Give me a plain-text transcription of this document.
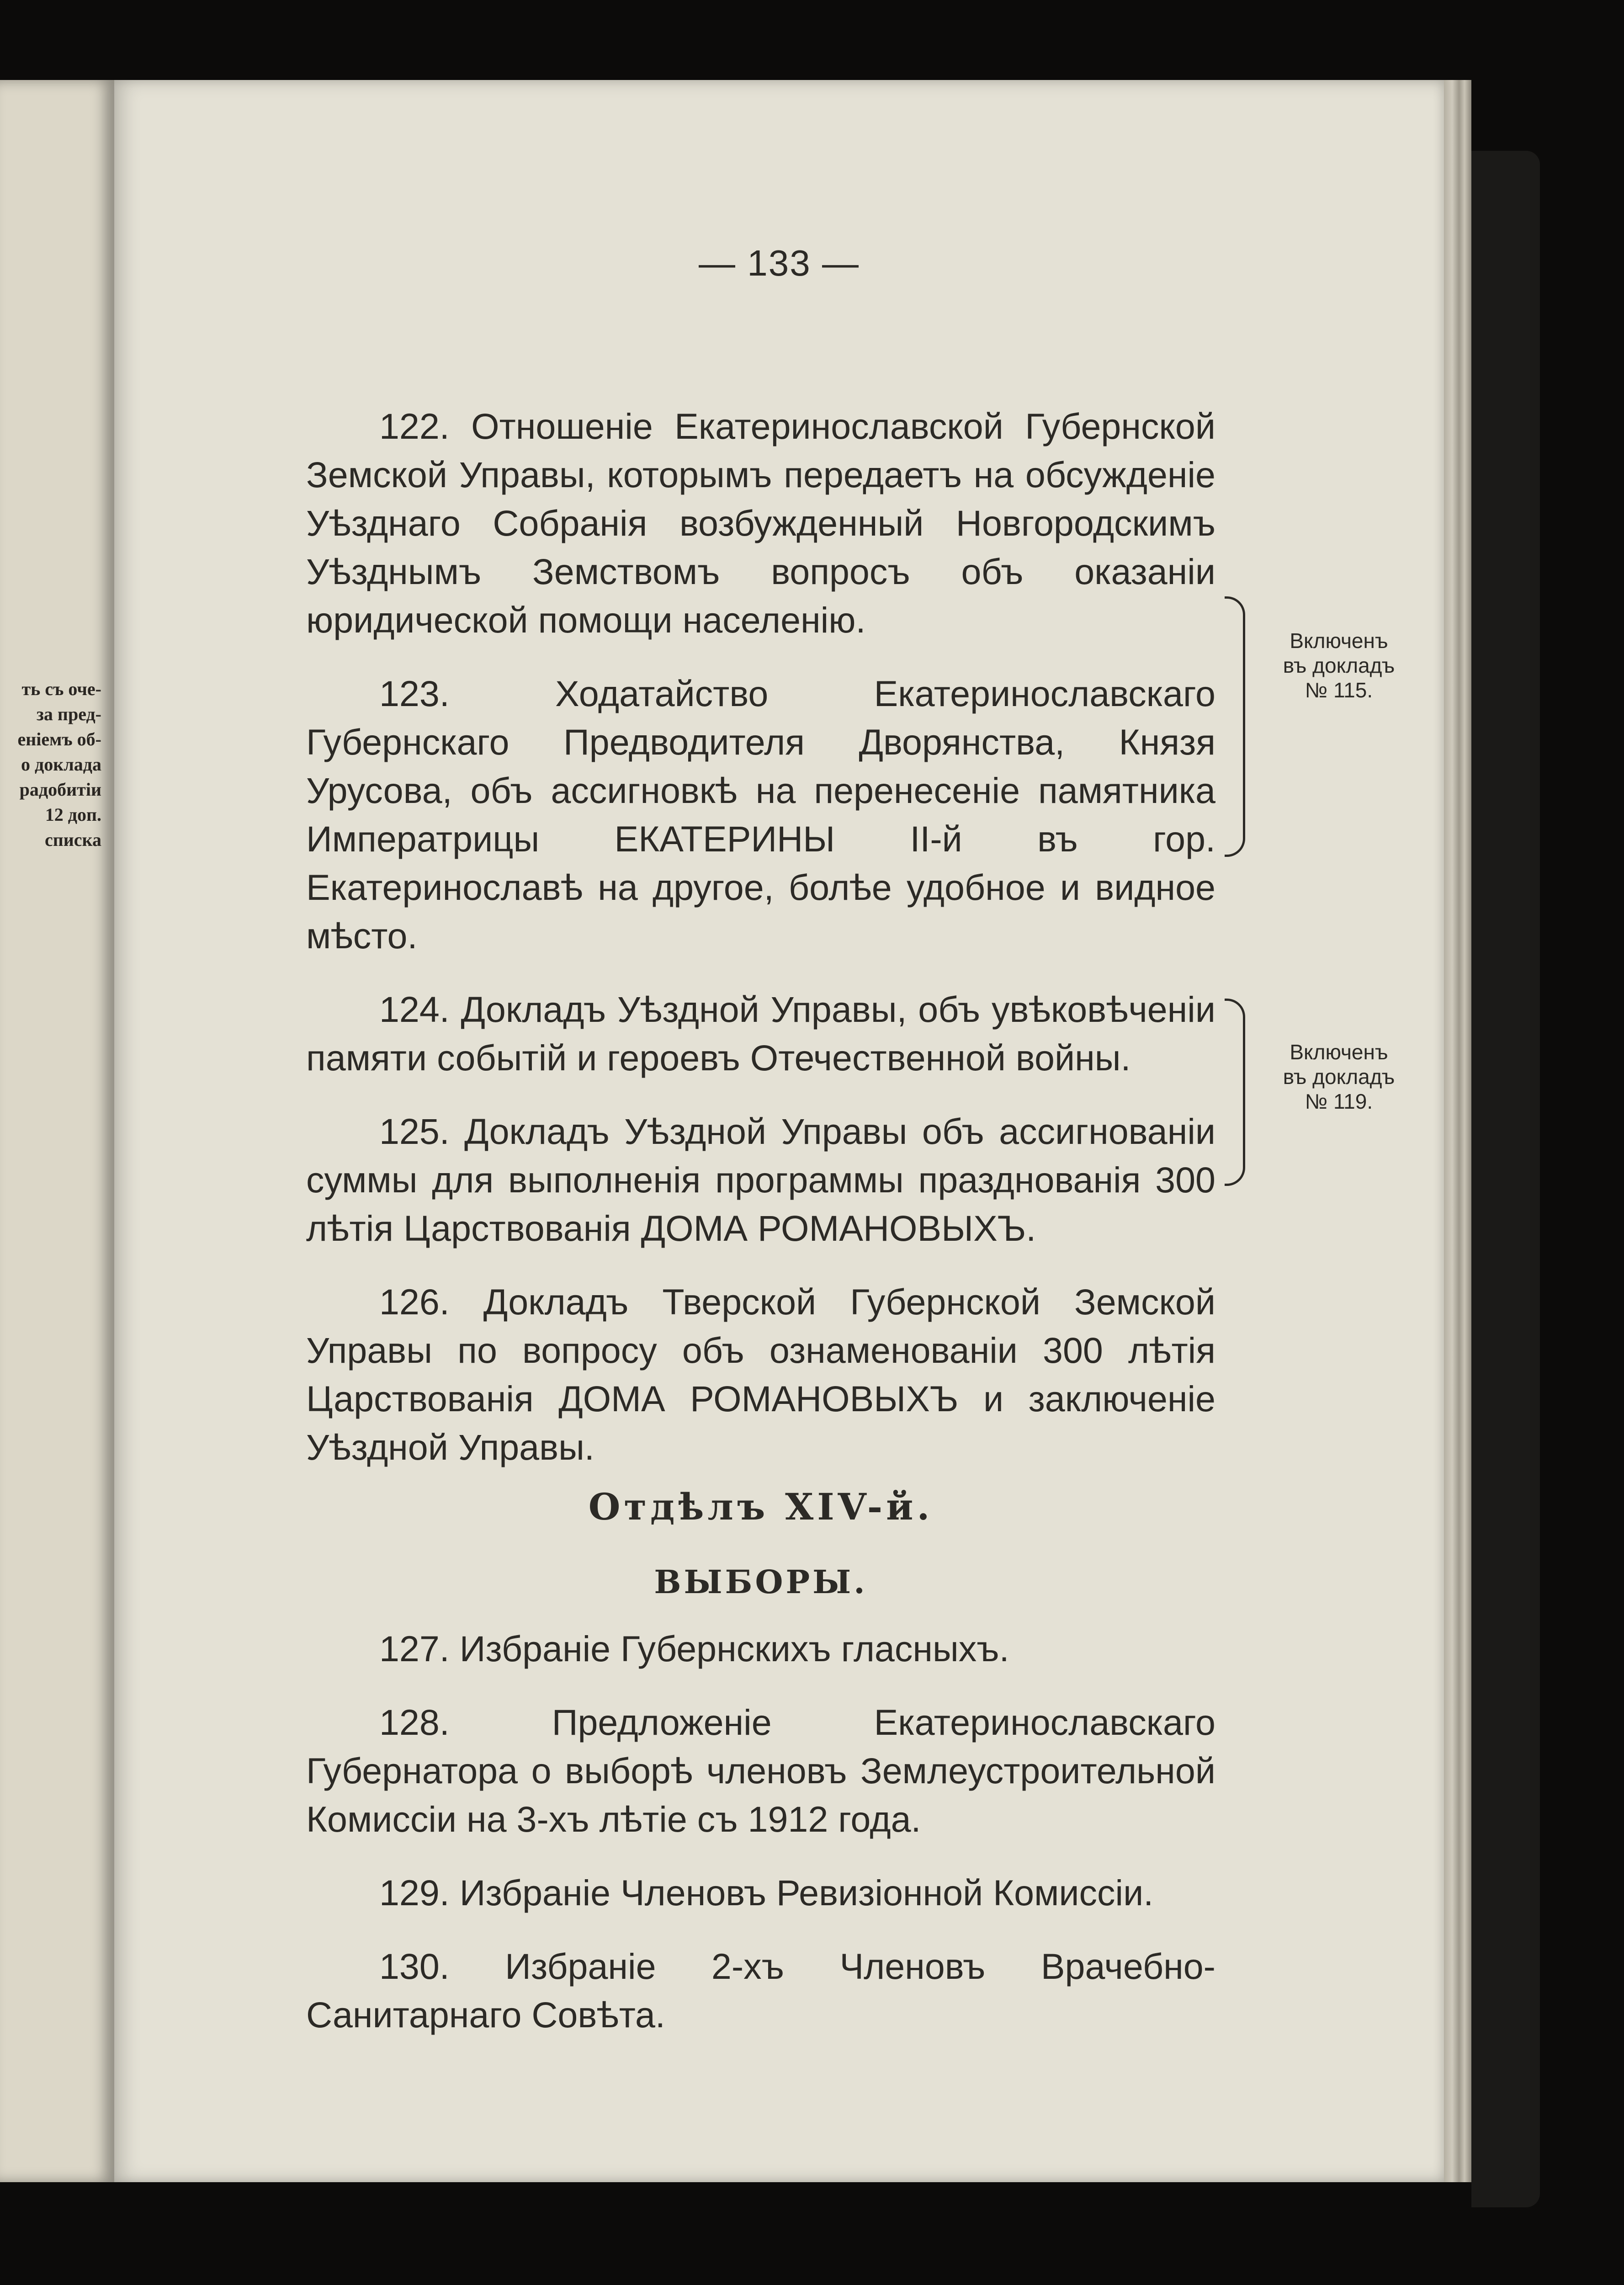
ть съ оче-
за пред-
енiемъ об-
о доклада
радобитiи
12 доп.
списка
— 133 —

122. Отношенiе Екатеринославской Губернской Земской Управы, которымъ передаетъ на обсужденiе Уѣзднаго Собранiя возбужденный Новгородскимъ Уѣзднымъ Земствомъ вопросъ объ оказанiи юридической помощи населенiю.

123. Ходатайство Екатеринославскаго Губернскаго Предводителя Дворянства, Князя Урусова, объ ассигновкѣ на перенесенiе памятника Императрицы ЕКАТЕРИНЫ II-й въ гор. Екатеринославѣ на другое, болѣе удобное и видное мѣсто.

124. Докладъ Уѣздной Управы, объ увѣковѣченiи памяти событiй и героевъ Отечественной войны.

125. Докладъ Уѣздной Управы объ ассигнованiи суммы для выполненiя программы празднованiя 300 лѣтiя Царствованiя ДОМА РОМАНОВЫХЪ.

126. Докладъ Тверской Губернской Земской Управы по вопросу объ ознаменованiи 300 лѣтiя Царствованiя ДОМА РОМАНОВЫХЪ и заключенiе Уѣздной Управы.

Отдѣлъ XIV-й.
ВЫБОРЫ.

127. Избранiе Губернскихъ гласныхъ.

128. Предложенiе Екатеринославскаго Губернатора о выборѣ членовъ Землеустроительной Комиссiи на 3-хъ лѣтiе съ 1912 года.

129. Избранiе Членовъ Ревизiонной Комиссiи.

130. Избранiе 2-хъ Членовъ Врачебно-Санитарнаго Совѣта.

Включенъ
въ докладъ
№ 115.
Включенъ
въ докладъ
№ 119.
